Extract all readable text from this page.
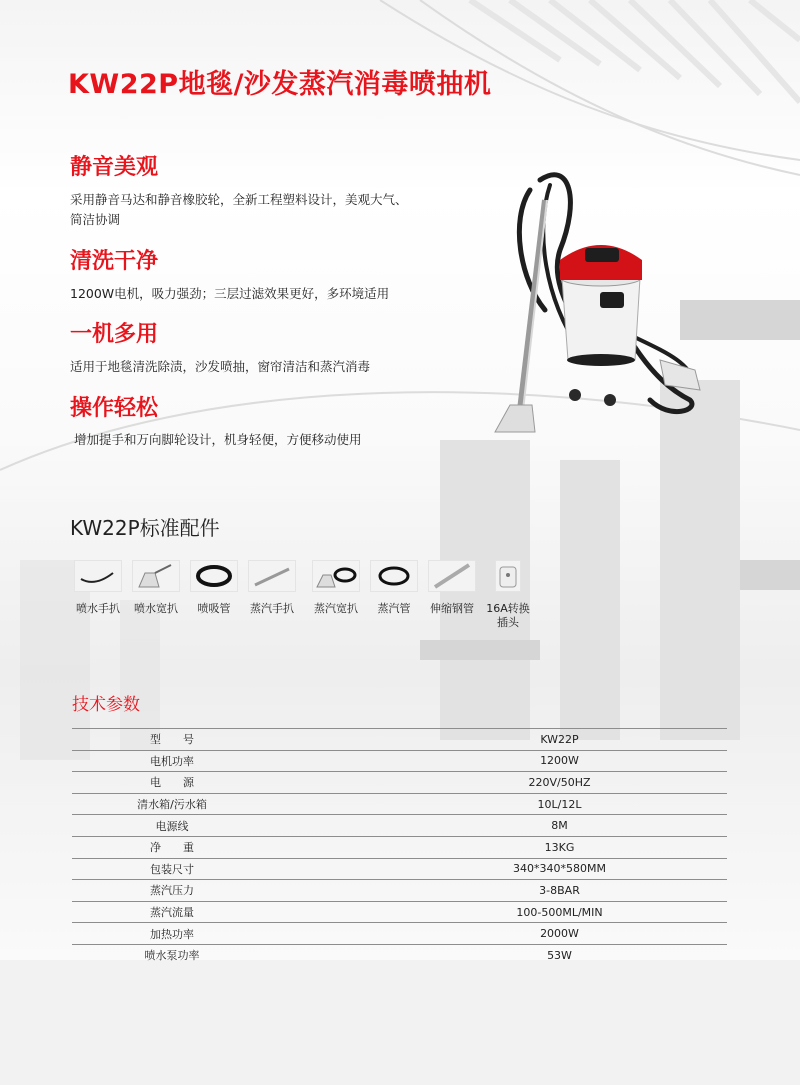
KW22P地毯/沙发蒸汽消毒喷抽机
静音美观
采用静音马达和静音橡胶轮，全新工程塑料设计，美观大气、简洁协调
清洗干净
1200W电机，吸力强劲；三层过滤效果更好，多环境适用
一机多用
适用于地毯清洗除渍，沙发喷抽，窗帘清洁和蒸汽消毒
操作轻松
增加提手和万向脚轮设计，机身轻便，方便移动使用
KW22P标准配件
喷水手扒	喷水宽扒	喷吸管	蒸汽手扒	蒸汽宽扒	蒸汽管	伸缩钢管	16A转换插头
技术参数
型　　号	KW22P
电机功率	1200W
电　　源	220V/50HZ
清水箱/污水箱	10L/12L
电源线	8M
净　　重	13KG
包装尺寸	340*340*580MM
蒸汽压力	3-8BAR
蒸汽流量	100-500ML/MIN
加热功率	2000W
喷水泵功率	53W
